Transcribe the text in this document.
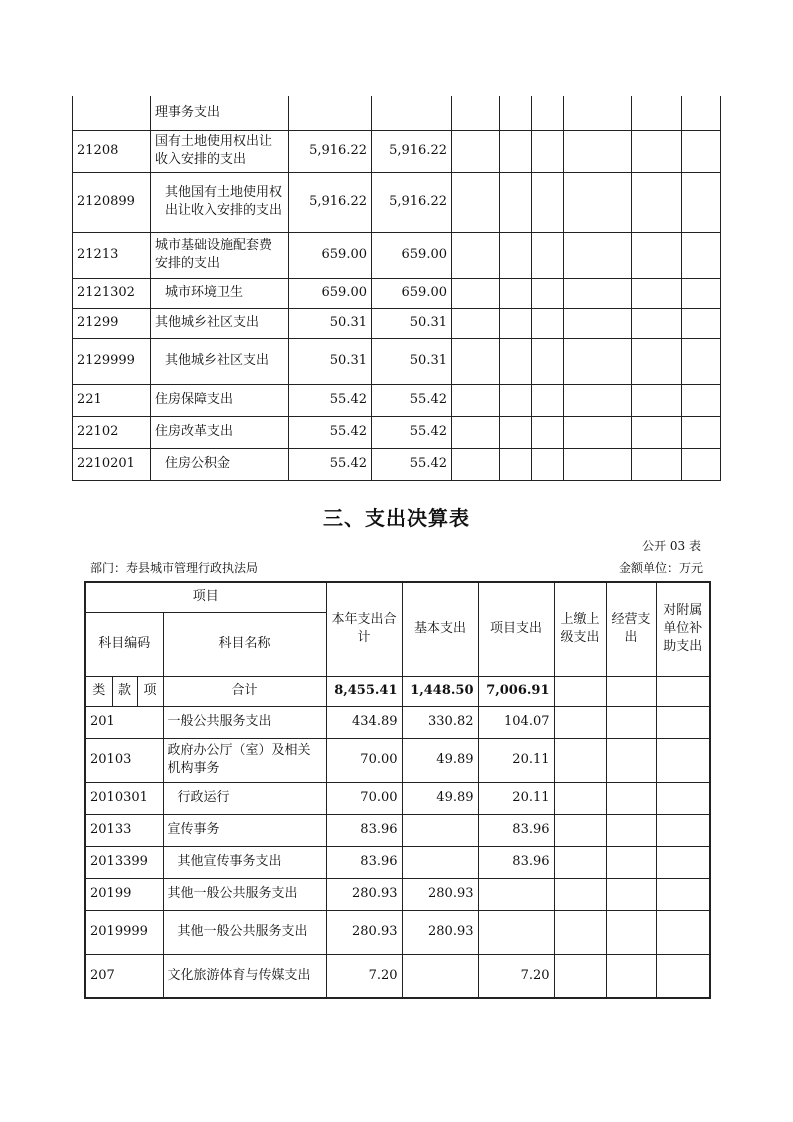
	理事务支出								
21208	国有土地使用权出让收入安排的支出	5,916.22	5,916.22						
2120899	其他国有土地使用权出让收入安排的支出	5,916.22	5,916.22						
21213	城市基础设施配套费安排的支出	659.00	659.00						
2121302	城市环境卫生	659.00	659.00						
21299	其他城乡社区支出	50.31	50.31						
2129999	其他城乡社区支出	50.31	50.31						
221	住房保障支出	55.42	55.42						
22102	住房改革支出	55.42	55.42						
2210201	住房公积金	55.42	55.42						
三、支出决算表
公开 03 表
部门：寿县城市管理行政执法局	金额单位：万元
项目				本年支出合计	基本支出	项目支出	上缴上级支出	经营支出	对附属单位补助支出
科目编码			科目名称						
类	款	项	合计	8,455.41	1,448.50	7,006.91			
201			一般公共服务支出	434.89	330.82	104.07			
20103			政府办公厅（室）及相关机构事务	70.00	49.89	20.11			
2010301			行政运行	70.00	49.89	20.11			
20133			宣传事务	83.96		83.96			
2013399			其他宣传事务支出	83.96		83.96			
20199			其他一般公共服务支出	280.93	280.93				
2019999			其他一般公共服务支出	280.93	280.93				
207			文化旅游体育与传媒支出	7.20		7.20			
